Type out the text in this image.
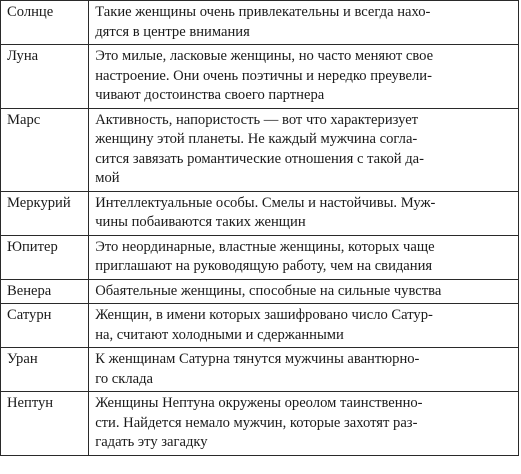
Солнце	Такие женщины очень привлекательны и всегда нахо-
дятся в центре внимания

Луна	Это милые, ласковые женщины, но часто меняют свое
настроение. Они очень поэтичны и нередко преувели-
чивают достоинства своего партнера

Марс	Активность, напористость — вот что характеризует
женщину этой планеты. Не каждый мужчина согла-
сится завязать романтические отношения с такой да-
мой

Меркурий	Интеллектуальные особы. Смелы и настойчивы. Муж-
чины побаиваются таких женщин

Юпитер	Это неординарные, властные женщины, которых чаще
приглашают на руководящую работу, чем на свидания

Венера	Обаятельные женщины, способные на сильные чувства

Сатурн	Женщин, в имени которых зашифровано число Сатур-
на, считают холодными и сдержанными

Уран	К женщинам Сатурна тянутся мужчины авантюрно-
го склада

Нептун	Женщины Нептуна окружены ореолом таинственно-
сти. Найдется немало мужчин, которые захотят раз-
гадать эту загадку
